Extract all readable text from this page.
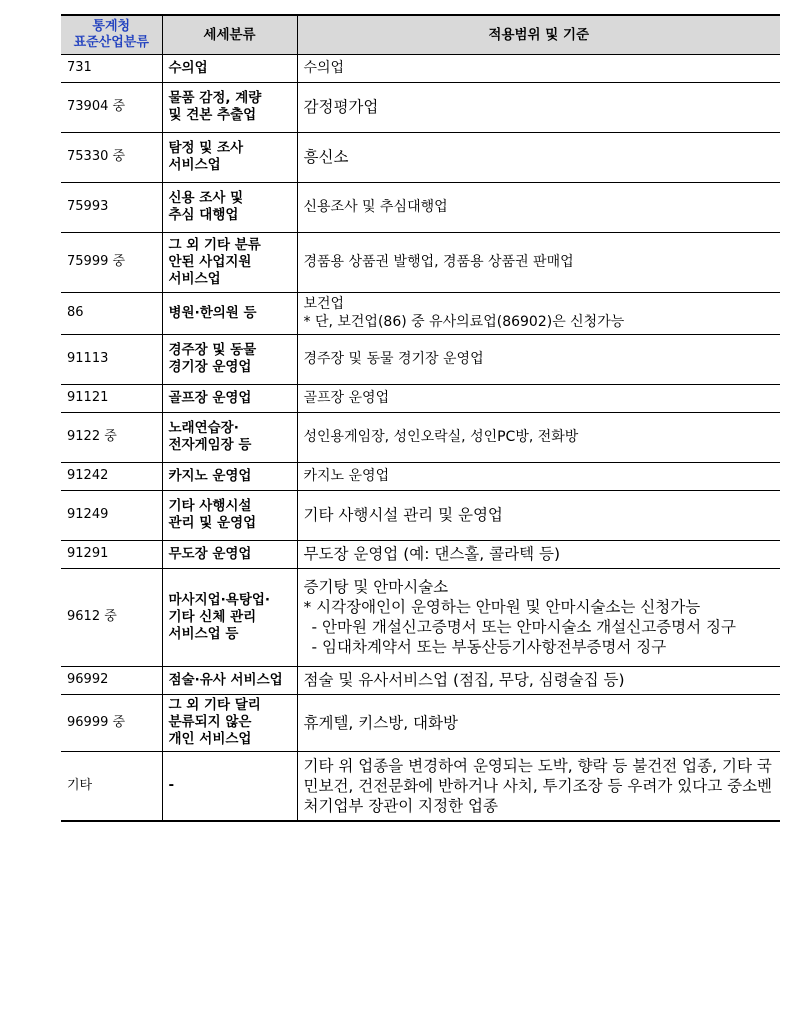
통계청
표준산업분류	세세분류	적용범위 및 기준
731	수의업	수의업

73904 중	물품 감정, 계량
및 견본 추출업	감정평가업

75330 중	탐정 및 조사
서비스업	흥신소

75993	신용 조사 및
추심 대행업	신용조사 및 추심대행업

75999 중	그 외 기타 분류
안된 사업지원
서비스업	경품용 상품권 발행업, 경품용 상품권 판매업

86	병원·한의원 등	보건업
* 단, 보건업(86) 중 유사의료업(86902)은 신청가능

91113	경주장 및 동물
경기장 운영업	경주장 및 동물 경기장 운영업

91121	골프장 운영업	골프장 운영업

9122 중	노래연습장·
전자게임장 등	성인용게임장, 성인오락실, 성인PC방, 전화방

91242	카지노 운영업	카지노 운영업

91249	기타 사행시설
관리 및 운영업	기타 사행시설 관리 및 운영업

91291	무도장 운영업	무도장 운영업 (예: 댄스홀, 콜라텍 등)

9612 중	마사지업·욕탕업·
기타 신체 관리
서비스업 등	증기탕 및 안마시술소
* 시각장애인이 운영하는 안마원 및 안마시술소는 신청가능
- 안마원 개설신고증명서 또는 안마시술소 개설신고증명서 징구
- 임대차계약서 또는 부동산등기사항전부증명서 징구

96992	점술·유사 서비스업	점술 및 유사서비스업 (점집, 무당, 심령술집 등)

96999 중	그 외 기타 달리
분류되지 않은
개인 서비스업	휴게텔, 키스방, 대화방

기타	-	기타 위 업종을 변경하여 운영되는 도박, 향락 등 불건전 업종, 기타 국민보건, 건전문화에 반하거나 사치, 투기조장 등 우려가 있다고 중소벤처기업부 장관이 지정한 업종
